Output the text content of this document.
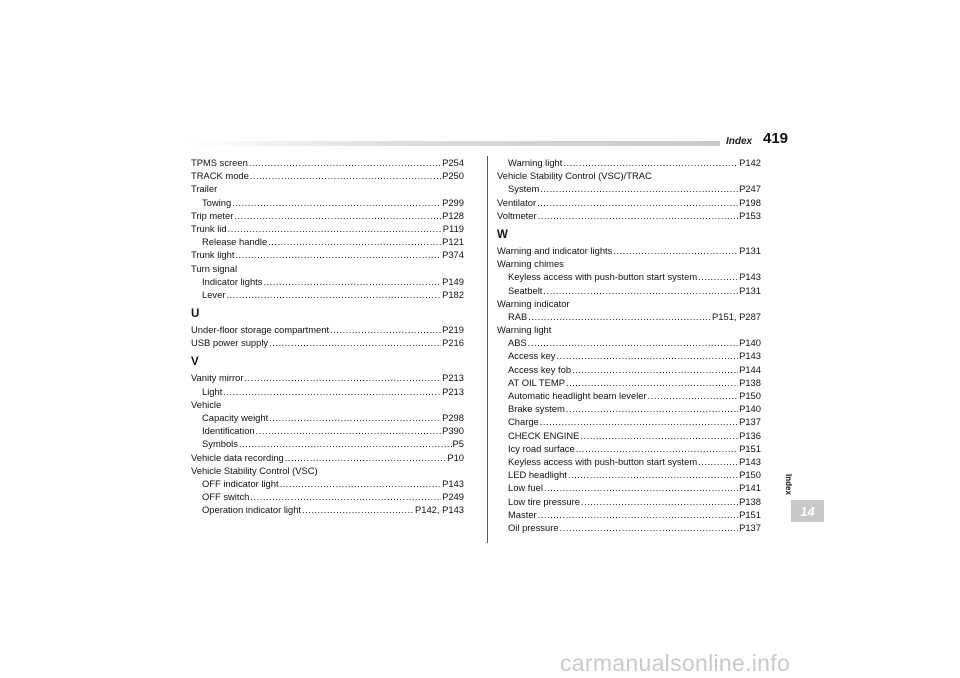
Index 419
TPMS screen .....	P254
TRACK mode .....	P250
Trailer
Towing .....	P299
Trip meter .....	P128
Trunk lid .....	P119
Release handle .....	P121
Trunk light .....	P374
Turn signal
Indicator lights .....	P149
Lever .....	P182
U
Under-floor storage compartment .....	P219
USB power supply .....	P216
V
Vanity mirror .....	P213
Light .....	P213
Vehicle
Capacity weight .....	P298
Identification .....	P390
Symbols .....	P5
Vehicle data recording .....	P10
Vehicle Stability Control (VSC)
OFF indicator light .....	P143
OFF switch .....	P249
Operation indicator light .....	P142, P143
Warning light .....	P142
Vehicle Stability Control (VSC)/TRAC
System .....	P247
Ventilator .....	P198
Voltmeter .....	P153
W
Warning and indicator lights .....	P131
Warning chimes
Keyless access with push-button start system .....	P143
Seatbelt .....	P131
Warning indicator
RAB .....	P151, P287
Warning light
ABS .....	P140
Access key .....	P143
Access key fob .....	P144
AT OIL TEMP .....	P138
Automatic headlight beam leveler .....	P150
Brake system .....	P140
Charge .....	P137
CHECK ENGINE .....	P136
Icy road surface .....	P151
Keyless access with push-button start system .....	P143
LED headlight .....	P150
Low fuel .....	P141
Low tire pressure .....	P138
Master .....	P151
Oil pressure .....	P137
Index
14
carmanualsonline.info
